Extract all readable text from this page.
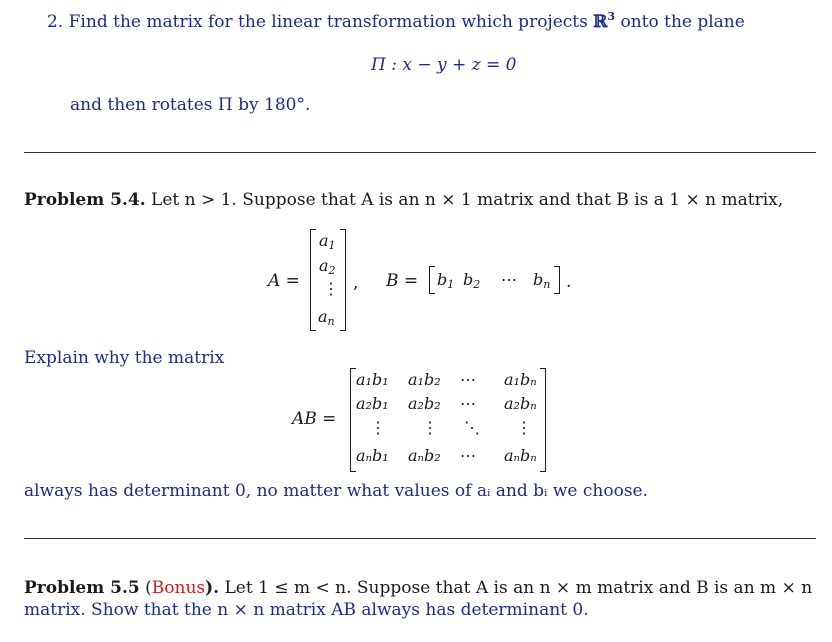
2. Find the matrix for the linear transformation which projects ℝ$^3$ onto the plane
Π : x − y + z = 0
and then rotates Π by 180°.
Problem 5.4. Let n > 1. Suppose that A is an n × 1 matrix and that B is a 1 × n matrix,
A =
$a_1$
$a_2$
⋮
$a_n$
, $B = b_1$ $b_2$ ⋯ $b_n$ .
Explain why the matrix
AB =
a₁b₁ a₁b₂ ⋯ a₁bₙ
a₂b₁ a₂b₂ ⋯ a₂bₙ
⋮ ⋮ ⋱ ⋮
aₙb₁ aₙb₂ ⋯ aₙbₙ
always has determinant 0, no matter what values of aᵢ and bᵢ we choose.
Problem 5.5 (Bonus). Let 1 ≤ m < n. Suppose that A is an n × m matrix and B is an m × n
matrix. Show that the n × n matrix AB always has determinant 0.
